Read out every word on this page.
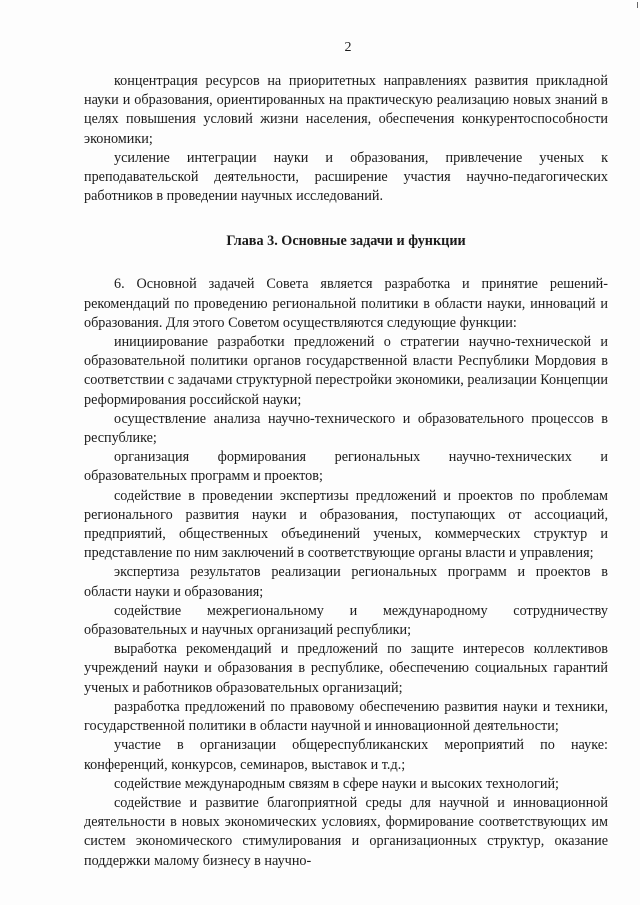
2

концентрация ресурсов на приоритетных направлениях развития прикладной науки и образования, ориентированных на практическую реализацию новых знаний в целях повышения условий жизни населения, обеспечения конкурентоспособности экономики;

усиление интеграции науки и образования, привлечение ученых к преподавательской деятельности, расширение участия научно-педагогических работников в проведении научных исследований.

Глава 3. Основные задачи и функции

6. Основной задачей Совета является разработка и принятие решений-рекомендаций по проведению региональной политики в области науки, инноваций и образования. Для этого Советом осуществляются следующие функции:

инициирование разработки предложений о стратегии научно-технической и образовательной политики органов государственной власти Республики Мордовия в соответствии с задачами структурной перестройки экономики, реализации Концепции реформирования российской науки;

осуществление анализа научно-технического и образовательного процессов в республике;

организация формирования региональных научно-технических и образовательных программ и проектов;

содействие в проведении экспертизы предложений и проектов по проблемам регионального развития науки и образования, поступающих от ассоциаций, предприятий, общественных объединений ученых, коммерческих структур и представление по ним заключений в соответствующие органы власти и управления;

экспертиза результатов реализации региональных программ и проектов в области науки и образования;

содействие межрегиональному и международному сотрудничеству образовательных и научных организаций республики;

выработка рекомендаций и предложений по защите интересов коллективов учреждений науки и образования в республике, обеспечению социальных гарантий ученых и работников образовательных организаций;

разработка предложений по правовому обеспечению развития науки и техники, государственной политики в области научной и инновационной деятельности;

участие в организации общереспубликанских мероприятий по науке: конференций, конкурсов, семинаров, выставок и т.д.;

содействие международным связям в сфере науки и высоких технологий;

содействие и развитие благоприятной среды для научной и инновационной деятельности в новых экономических условиях, формирование соответствующих им систем экономического стимулирования и организационных структур, оказание поддержки малому бизнесу в научно-
